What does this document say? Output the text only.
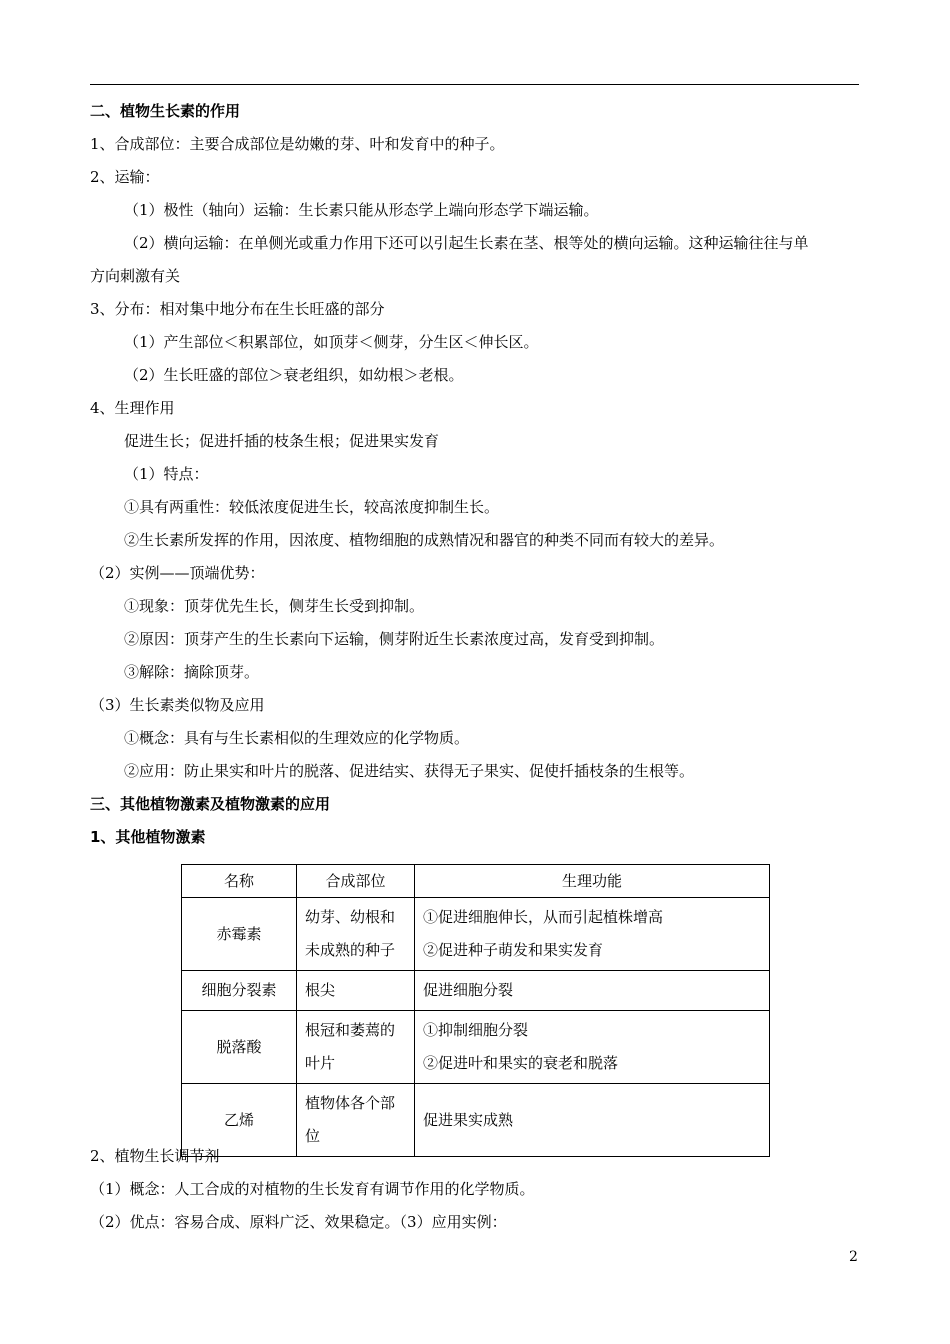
二、植物生长素的作用
1、合成部位：主要合成部位是幼嫩的芽、叶和发育中的种子。
2、运输：
（1）极性（轴向）运输：生长素只能从形态学上端向形态学下端运输。
（2）横向运输：在单侧光或重力作用下还可以引起生长素在茎、根等处的横向运输。这种运输往往与单
方向刺激有关
3、分布：相对集中地分布在生长旺盛的部分
（1）产生部位＜积累部位，如顶芽＜侧芽，分生区＜伸长区。
（2）生长旺盛的部位＞衰老组织，如幼根＞老根。
4、生理作用
促进生长；促进扦插的枝条生根；促进果实发育
（1）特点：
①具有两重性：较低浓度促进生长，较高浓度抑制生长。
②生长素所发挥的作用，因浓度、植物细胞的成熟情况和器官的种类不同而有较大的差异。
（2）实例——顶端优势：
①现象：顶芽优先生长，侧芽生长受到抑制。
②原因：顶芽产生的生长素向下运输，侧芽附近生长素浓度过高，发育受到抑制。
③解除：摘除顶芽。
（3）生长素类似物及应用
①概念：具有与生长素相似的生理效应的化学物质。
②应用：防止果实和叶片的脱落、促进结实、获得无子果实、促使扦插枝条的生根等。
三、其他植物激素及植物激素的应用
1、其他植物激素
名称	合成部位	生理功能
赤霉素	幼芽、幼根和未成熟的种子	①促进细胞伸长，从而引起植株增高
②促进种子萌发和果实发育

细胞分裂素	根尖	促进细胞分裂
脱落酸	根冠和萎蔫的叶片	①抑制细胞分裂
②促进叶和果实的衰老和脱落

乙烯	植物体各个部位	促进果实成熟
2、植物生长调节剂
（1）概念：人工合成的对植物的生长发育有调节作用的化学物质。
（2）优点：容易合成、原料广泛、效果稳定。（3）应用实例：
2
